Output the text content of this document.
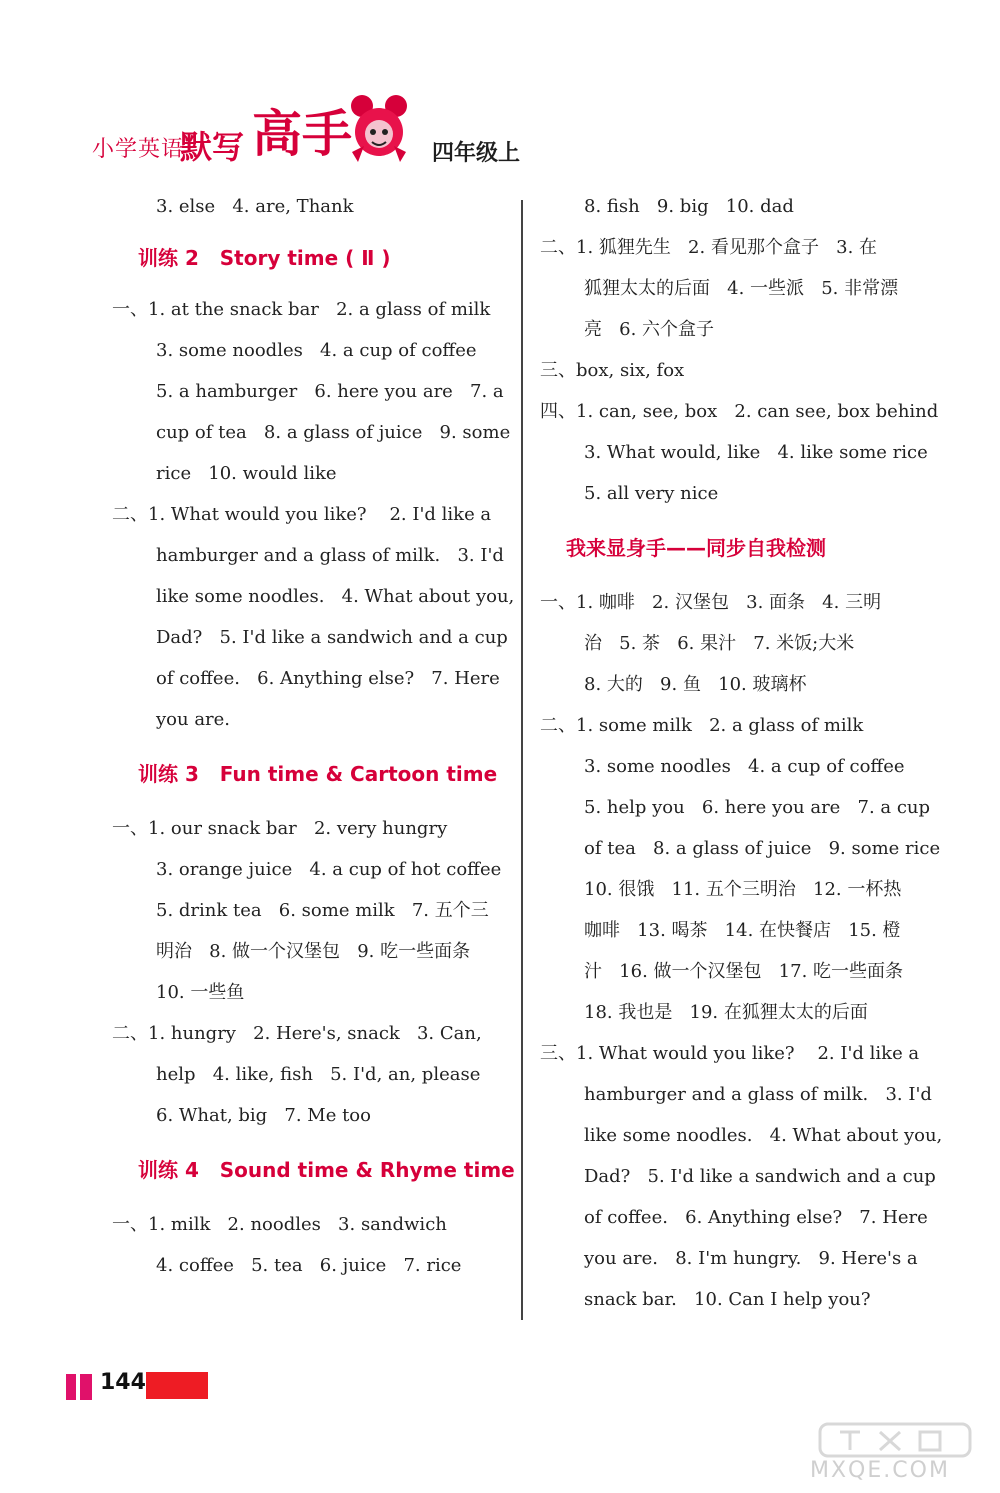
小学英语
默写 高手	四年级上
3. else   4. are, Thank
训练 2   Story time ( Ⅱ )
一、1. at the snack bar   2. a glass of milk
3. some noodles   4. a cup of coffee
5. a hamburger   6. here you are   7. a
cup of tea   8. a glass of juice   9. some
rice   10. would like
二、1. What would you like?    2. I'd like a
hamburger and a glass of milk.   3. I'd
like some noodles.   4. What about you,
Dad?   5. I'd like a sandwich and a cup
of coffee.   6. Anything else?   7. Here
you are.
训练 3   Fun time & Cartoon time
一、1. our snack bar   2. very hungry
3. orange juice   4. a cup of hot coffee
5. drink tea   6. some milk   7. 五个三
明治   8. 做一个汉堡包   9. 吃一些面条
10. 一些鱼
二、1. hungry   2. Here's, snack   3. Can,
help   4. like, fish   5. I'd, an, please
6. What, big   7. Me too
训练 4   Sound time & Rhyme time
一、1. milk   2. noodles   3. sandwich
4. coffee   5. tea   6. juice   7. rice
8. fish   9. big   10. dad
二、1. 狐狸先生   2. 看见那个盒子   3. 在
狐狸太太的后面   4. 一些派   5. 非常漂
亮   6. 六个盒子
三、box, six, fox
四、1. can, see, box   2. can see, box behind
3. What would, like   4. like some rice
5. all very nice
我来显身手——同步自我检测
一、1. 咖啡   2. 汉堡包   3. 面条   4. 三明
治   5. 茶   6. 果汁   7. 米饭;大米
8. 大的   9. 鱼   10. 玻璃杯
二、1. some milk   2. a glass of milk
3. some noodles   4. a cup of coffee
5. help you   6. here you are   7. a cup
of tea   8. a glass of juice   9. some rice
10. 很饿   11. 五个三明治   12. 一杯热
咖啡   13. 喝茶   14. 在快餐店   15. 橙
汁   16. 做一个汉堡包   17. 吃一些面条
18. 我也是   19. 在狐狸太太的后面
三、1. What would you like?    2. I'd like a
hamburger and a glass of milk.   3. I'd
like some noodles.   4. What about you,
Dad?   5. I'd like a sandwich and a cup
of coffee.   6. Anything else?   7. Here
you are.   8. I'm hungry.   9. Here's a
snack bar.   10. Can I help you?
144
MXQE.COM
